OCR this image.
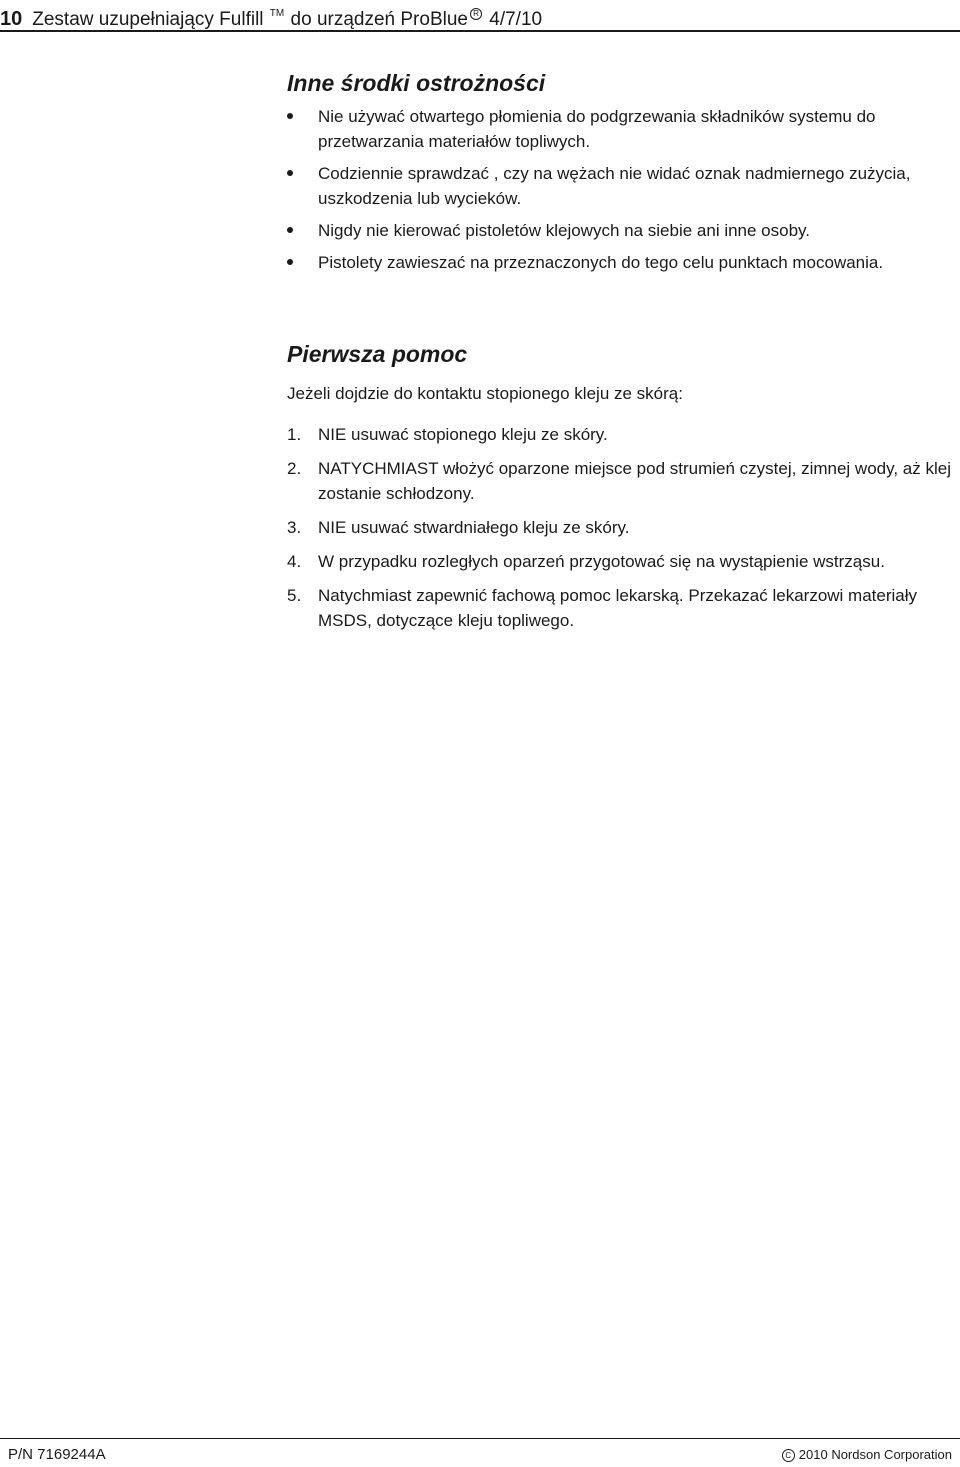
10 Zestaw uzupełniający Fulfill ™ do urządzeń ProBlue R 4/7/10
Inne środki ostrożności
Nie używać otwartego płomienia do podgrzewania składników systemu do przetwarzania materiałów topliwych.
Codziennie sprawdzać , czy na wężach nie widać oznak nadmiernego zużycia, uszkodzenia lub wycieków.
Nigdy nie kierować pistoletów klejowych na siebie ani inne osoby.
Pistolety zawieszać na przeznaczonych do tego celu punktach mocowania.
Pierwsza pomoc

Jeżeli dojdzie do kontaktu stopionego kleju ze skórą:

1. NIE usuwać stopionego kleju ze skóry.
2. NATYCHMIAST włożyć oparzone miejsce pod strumień czystej, zimnej wody, aż klej zostanie schłodzony.
3. NIE usuwać stwardniałego kleju ze skóry.
4. W przypadku rozległych oparzeń przygotować się na wystąpienie wstrząsu.
5. Natychmiast zapewnić fachową pomoc lekarską. Przekazać lekarzowi materiały MSDS, dotyczące kleju topliwego.
P/N 7169244A	C 2010 Nordson Corporation
